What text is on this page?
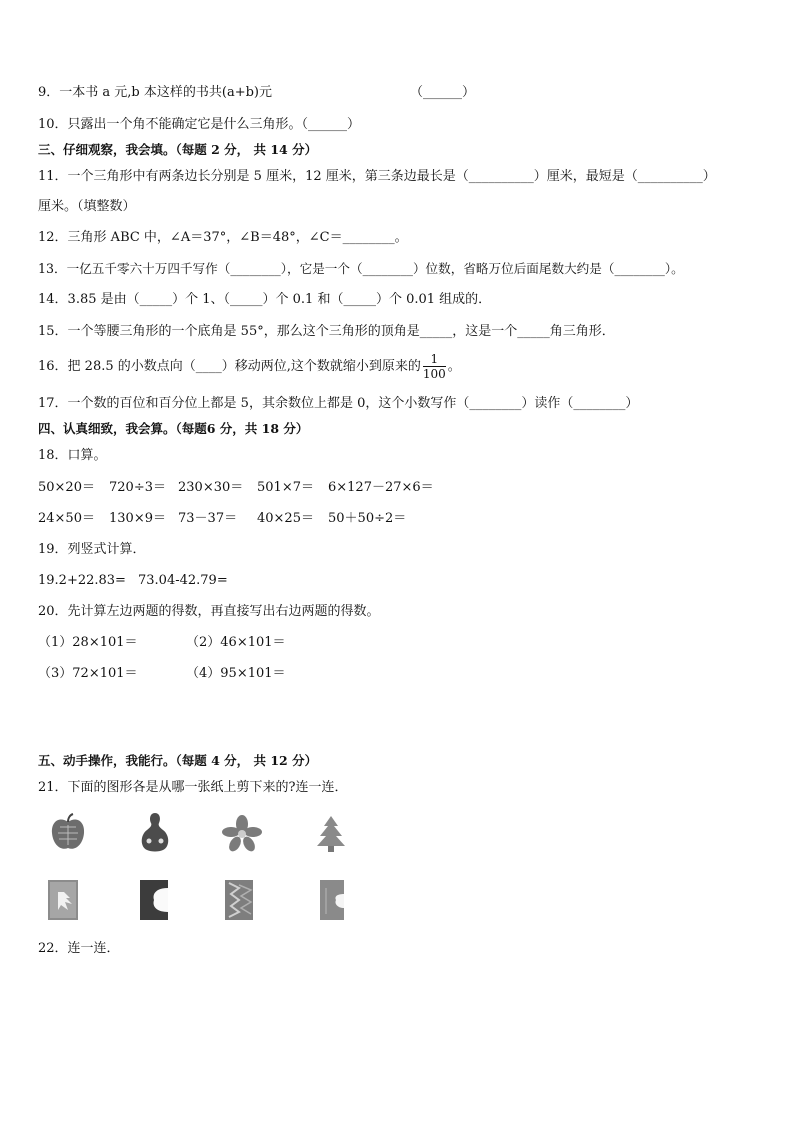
9．一本书 a 元,b 本这样的书共(a+b)元	（______）
10．只露出一个角不能确定它是什么三角形。（______）
三、仔细观察，我会填。（每题 2 分， 共 14 分）
11．一个三角形中有两条边长分别是 5 厘米，12 厘米，第三条边最长是（__________）厘米，最短是（__________）
厘米。（填整数）
12．三角形 ABC 中，∠A＝37°，∠B＝48°，∠C＝________。
13．一亿五千零六十万四千写作（________），它是一个（________）位数，省略万位后面尾数大约是（________）。
14．3.85 是由（_____）个 1、（_____）个 0.1 和（_____）个 0.01 组成的．
15．一个等腰三角形的一个底角是 55°，那么这个三角形的顶角是_____，这是一个_____角三角形．
16．把 28.5 的小数点向（____）移动两位,这个数就缩小到原来的 $\frac{1}{100}$ 。
17．一个数的百位和百分位上都是 5，其余数位上都是 0，这个小数写作（________）读作（________）
四、认真细致，我会算。（每题6 分，共 18 分）
18．口算。
50×20＝ 720÷3＝ 230×30＝ 501×7＝ 6×127－27×6＝
24×50＝ 130×9＝ 73－37＝ 40×25＝ 50＋50÷2＝
19．列竖式计算．
19.2+22.83= 73.04-42.79=
20．先计算左边两题的得数，再直接写出右边两题的得数。
（1）28×101＝	（2）46×101＝
（3）72×101＝	（4）95×101＝
五、动手操作，我能行。（每题 4 分， 共 12 分）
21．下面的图形各是从哪一张纸上剪下来的?连一连．
22．连一连．
